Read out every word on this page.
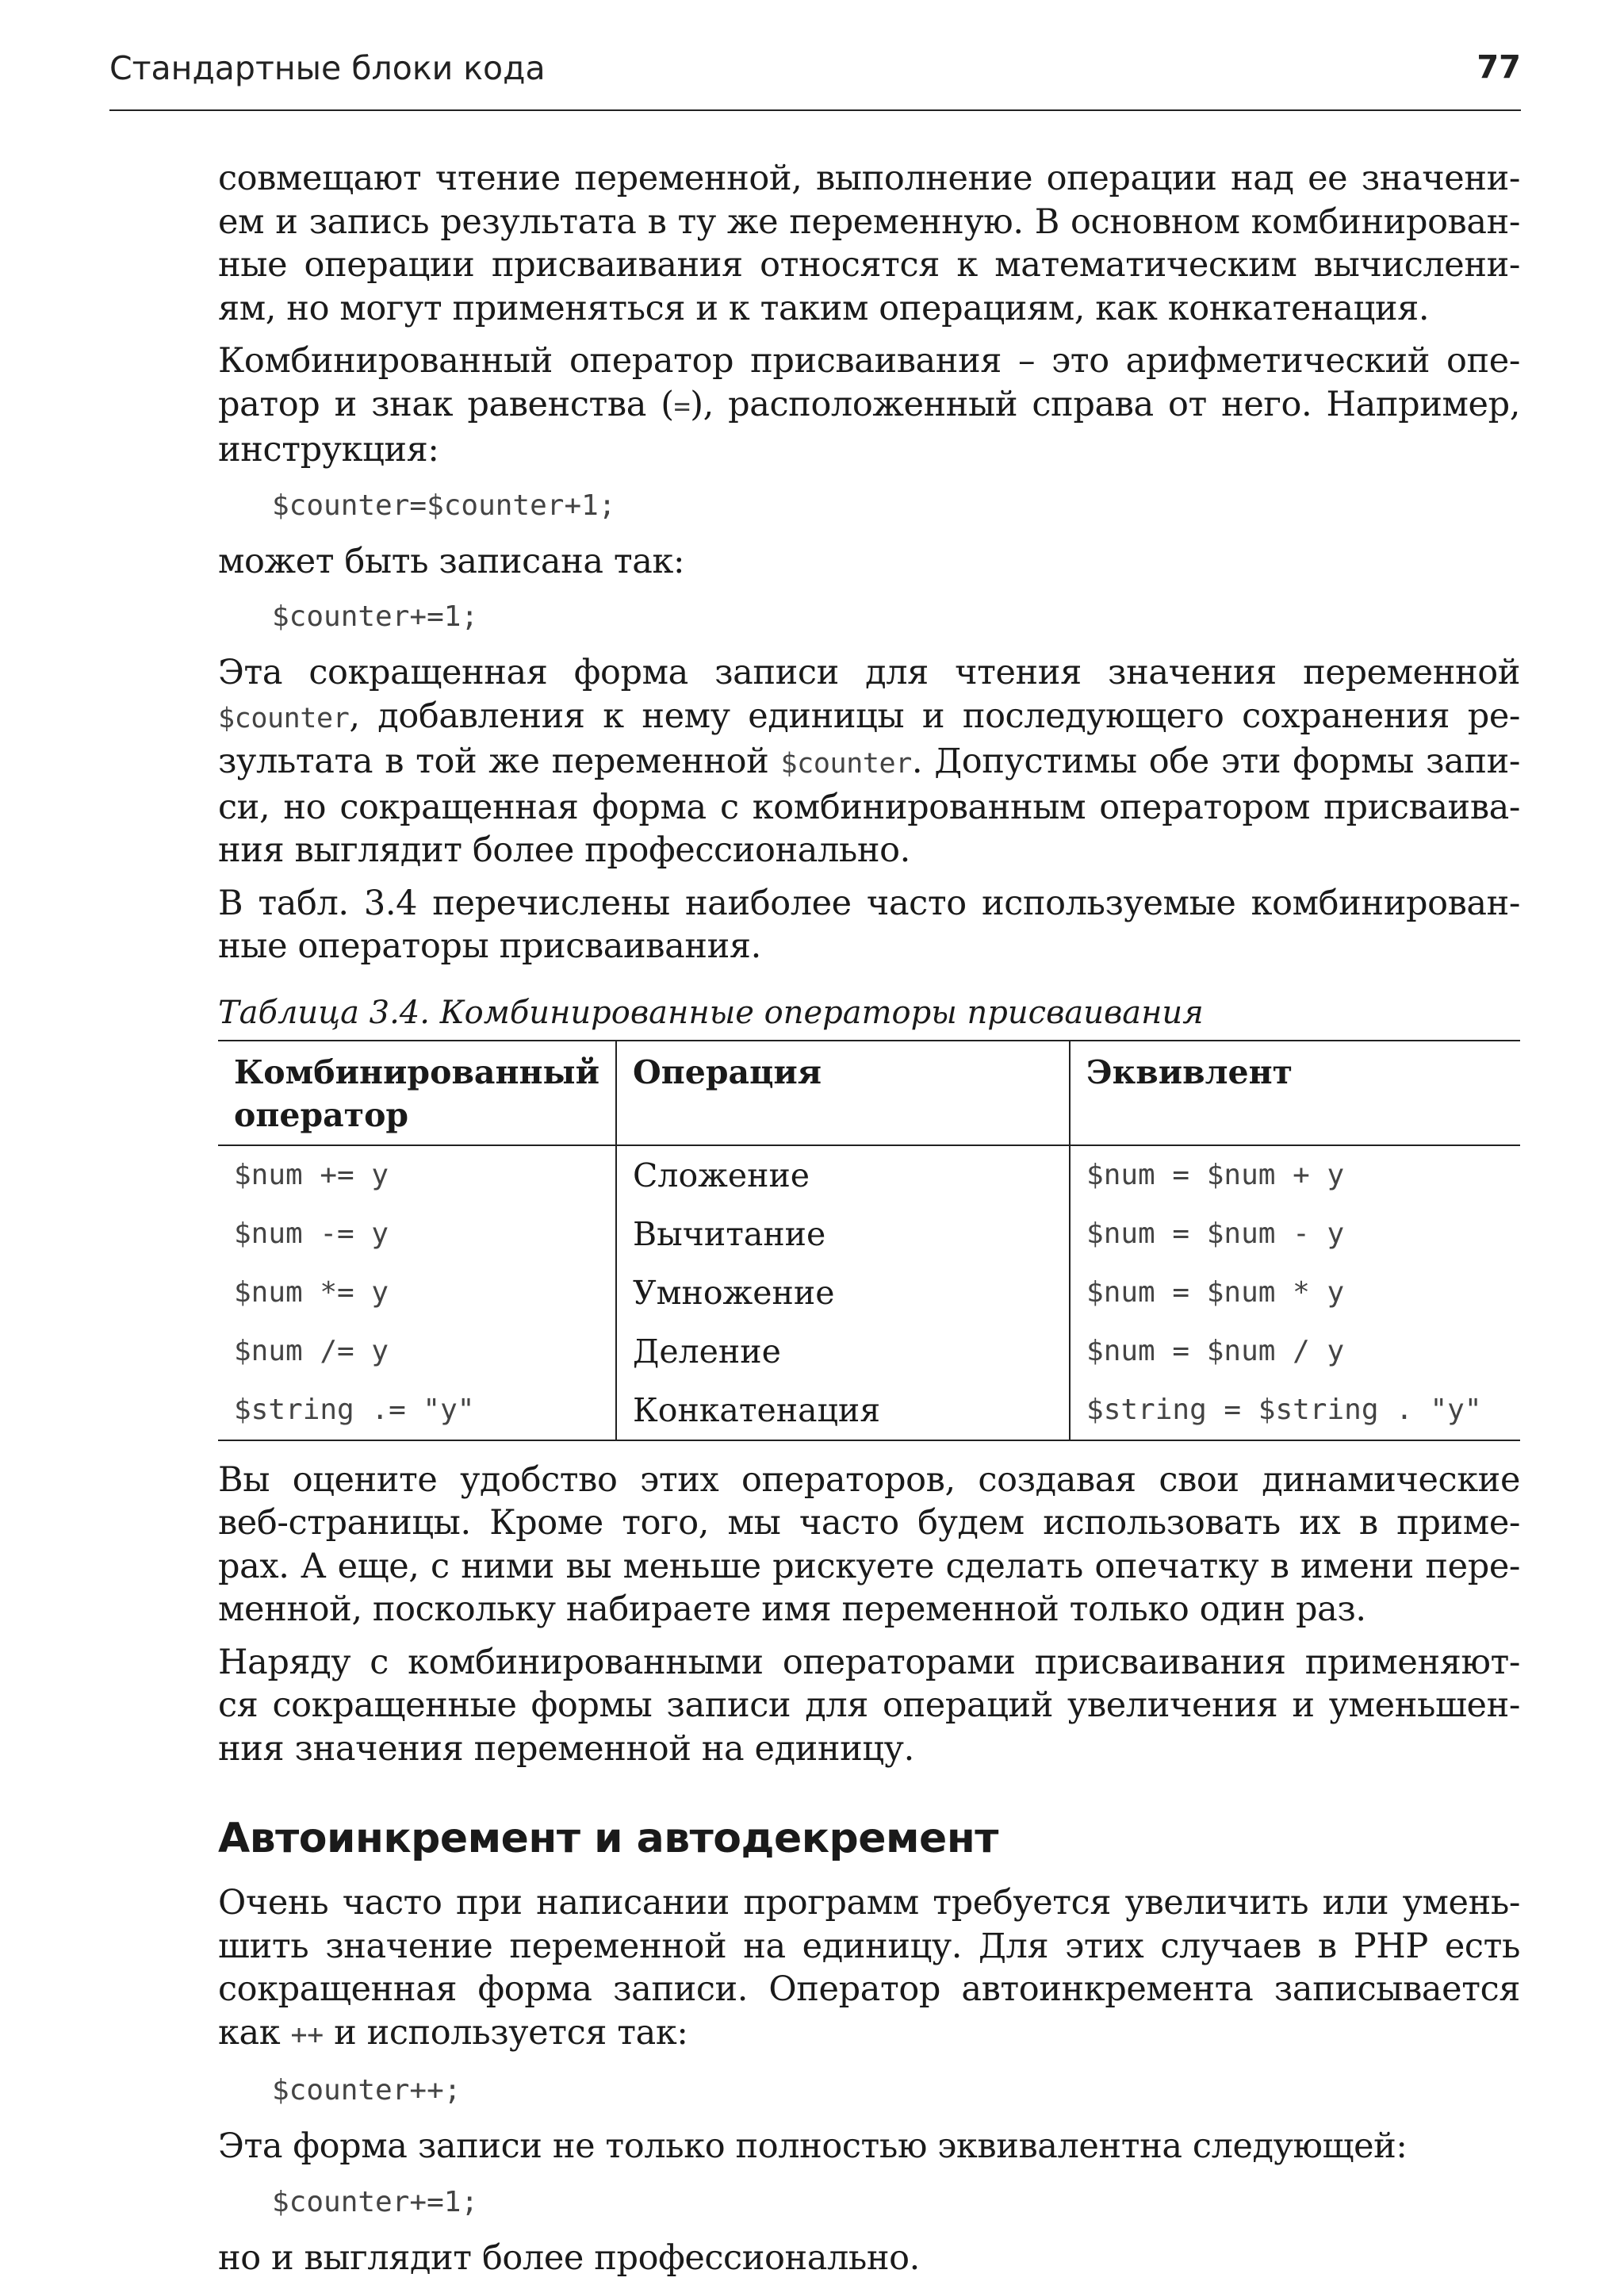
Стандартные блоки кода	77
совмещают чтение переменной, выполнение операции над ее значени-
ем и запись результата в ту же переменную. В основном комбинирован-
ные операции присваивания относятся к математическим вычислени-
ям, но могут применяться и к таким операциям, как конкатенация.
Комбинированный оператор присваивания – это арифметический опе-
ратор и знак равенства (=), расположенный справа от него. Например,
инструкция:
$counter=$counter+1;
может быть записана так:
$counter+=1;
Эта сокращенная форма записи для чтения значения переменной
$counter, добавления к нему единицы и последующего сохранения ре-
зультата в той же переменной $counter. Допустимы обе эти формы запи-
си, но сокращенная форма с комбинированным оператором присваива-
ния выглядит более профессионально.
В табл. 3.4 перечислены наиболее часто используемые комбинирован-
ные операторы присваивания.
Таблица 3.4. Комбинированные операторы присваивания
Комбинированный оператор	Операция	Эквивлент
$num += y	Сложение	$num = $num + y
$num -= y	Вычитание	$num = $num - y
$num *= y	Умножение	$num = $num * y
$num /= y	Деление	$num = $num / y
$string .= "y"	Конкатенация	$string = $string . "y"
Вы оцените удобство этих операторов, создавая свои динамические
веб-страницы. Кроме того, мы часто будем использовать их в приме-
рах. А еще, с ними вы меньше рискуете сделать опечатку в имени пере-
менной, поскольку набираете имя переменной только один раз.
Наряду с комбинированными операторами присваивания применяют-
ся сокращенные формы записи для операций увеличения и уменьшен-
ния значения переменной на единицу.
Автоинкремент и автодекремент
Очень часто при написании программ требуется увеличить или умень-
шить значение переменной на единицу. Для этих случаев в PHP есть
сокращенная форма записи. Оператор автоинкремента записывается
как ++ и используется так:
$counter++;
Эта форма записи не только полностью эквивалентна следующей:
$counter+=1;
но и выглядит более профессионально.
